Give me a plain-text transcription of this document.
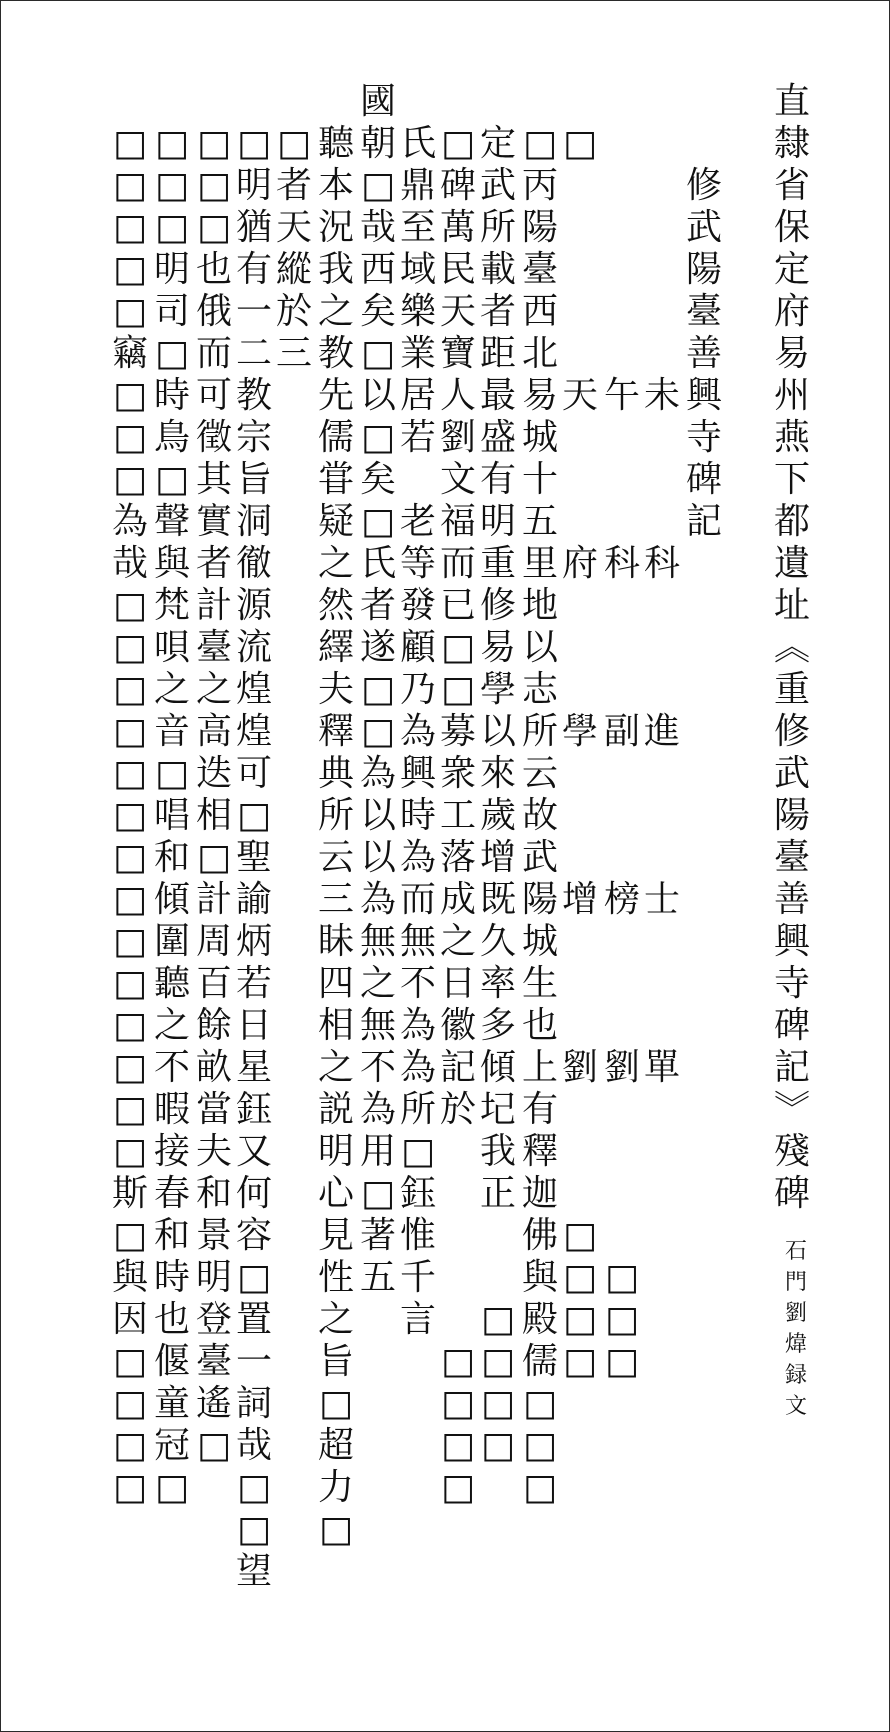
直
隸
省
保
定
府
易
州
燕
下
都
遺
址
︽
重
修
武
陽
臺
善
興
寺
碑
記
︾
殘
碑
石
門
劉
煒
録
文

修
武
陽
臺
善
興
寺
碑
記

未

科

進

士

單

午

科

副

榜

劉

□
□
□

□

天

府

學

增

劉

□
□
□
□

□
丙
陽
臺
西
北
易
城
十
五
里
地
以
志
所
云
故
武
陽
城
生
也
上
有
釋
迦
佛
與
殿
儒
□
□
□

定
武
所
載
者
距
最
盛
有
明
重
修
易
學
以
來
歲
增
既
久
率
多
傾
圮
我
正

□
□
□
□

□
碑
萬
民
天
寶
人
劉
文
福
而
已
□
□
募
衆
工
落
成
之
日
徽
記
於

□
□
□
□

氏
鼎
至
域
樂
業
居
若

老
等
發
顧
乃
為
興
時
為
而
無
不
為
為
所
□
鈺
惟
千
言
國
朝
□
哉
西
矣
□
以
□
矣
□
氏
者
遂
□
□
為
以
以
為
無
之
無
不
為
用
□
著
五

聽
本
況
我
之
教
先
儒
甞
疑
之
然
繹
夫
釋
典
所
云
三
眛
四
相
之
説
明
心
見
性
之
旨
□
超
力
□

□
者
天
縱
於
三

□
明
猶
有
一
二
教
宗
旨
洞
徹
源
流
煌
煌
可
□
聖
諭
炳
若
日
星
鈺
又
何
容
□
置
一
詞
哉
□
□
望

□
□
□
也
俄
而
可
徵
其
實
者
計
臺
之
高
迭
相
□
計
周
百
餘
畝
當
夫
和
景
明
登
臺
遙
□

□
□
□
明
司
□
時
鳥
□
聲
與
梵
唄
之
音
□
唱
和
傾
圍
聽
之
不
暇
接
春
和
時
也
偃
童
冠
□

□
□
□
□
□
竊
□
□
□
為
哉
□
□
□
□
□
□
□
□
□
□
□
□
□
□
斯
□
與
因
□
□
□
□
